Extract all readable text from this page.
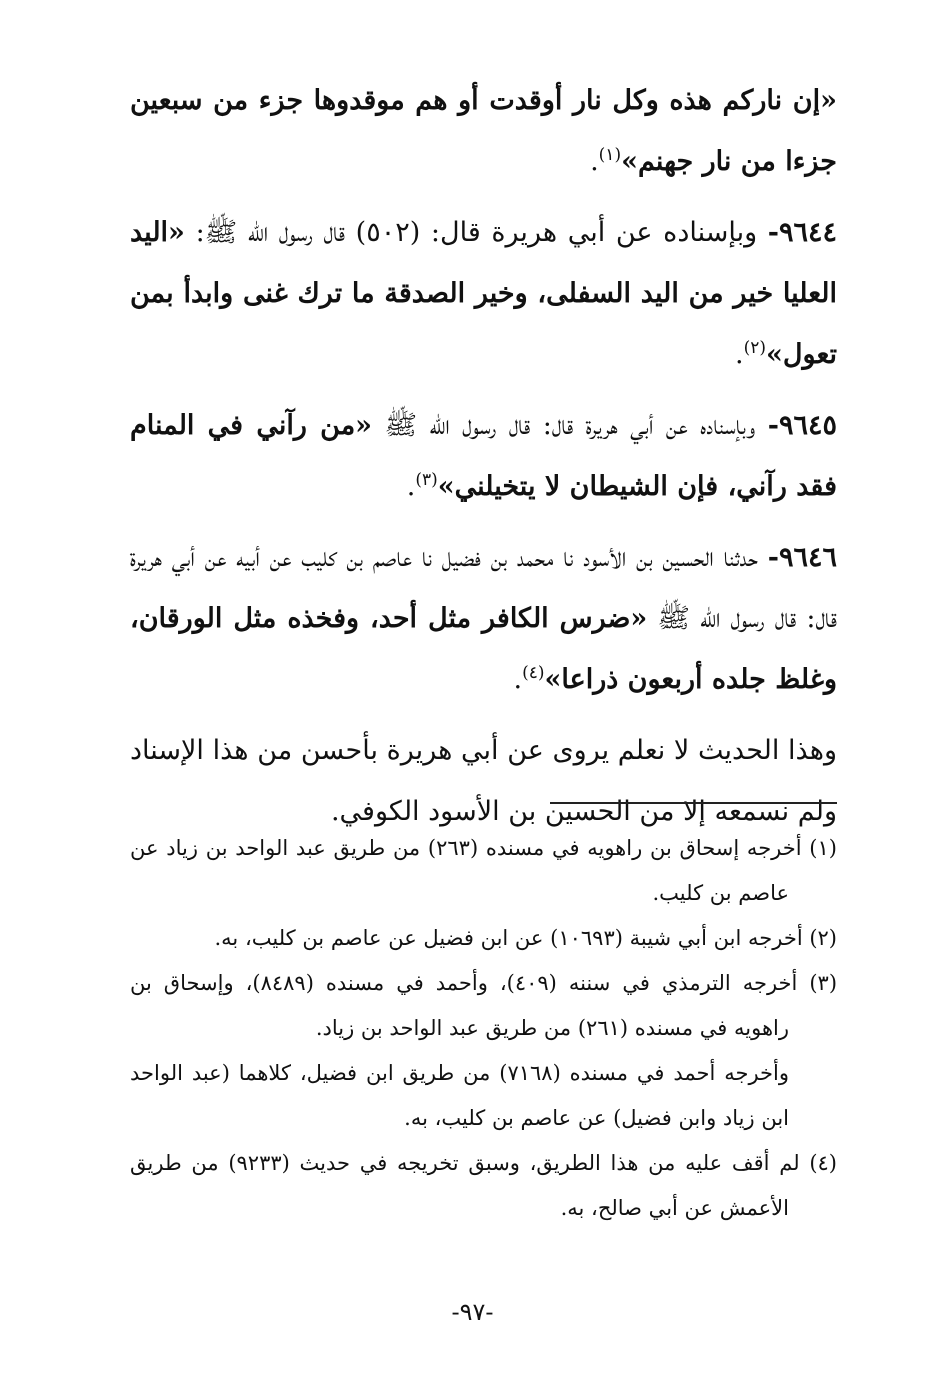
«إن ناركم هذه وكل نار أوقدت أو هم موقدوها جزء من سبعين جزءا من نار جهنم»$^{(١)}$.

٩٦٤٤- وبإسناده عن أبي هريرة قال: (٥٠٢) قال رسول الله ﷺ: «اليد العليا خير من اليد السفلى، وخير الصدقة ما ترك غنى وابدأ بمن تعول»$^{(٢)}$.

٩٦٤٥- وبإسناده عن أبي هريرة قال: قال رسول الله ﷺ «من رآني في المنام فقد رآني، فإن الشيطان لا يتخيلني»$^{(٣)}$.

٩٦٤٦- حدثنا الحسين بن الأسود نا محمد بن فضيل نا عاصم بن كليب عن أبيه عن أبي هريرة قال: قال رسول الله ﷺ «ضرس الكافر مثل أحد، وفخذه مثل الورقان، وغلظ جلده أربعون ذراعا»$^{(٤)}$.

وهذا الحديث لا نعلم يروى عن أبي هريرة بأحسن من هذا الإسناد ولم نسمعه إلا من الحسين بن الأسود الكوفي.

(١) أخرجه إسحاق بن راهويه في مسنده (٢٦٣) من طريق عبد الواحد بن زياد عن عاصم بن كليب.

(٢) أخرجه ابن أبي شيبة (١٠٦٩٣) عن ابن فضيل عن عاصم بن كليب، به.

(٣) أخرجه الترمذي في سننه (٤٠٩)، وأحمد في مسنده (٨٤٨٩)، وإسحاق بن راهويه في مسنده (٢٦١) من طريق عبد الواحد بن زياد.

وأخرجه أحمد في مسنده (٧١٦٨) من طريق ابن فضيل، كلاهما (عبد الواحد ابن زياد وابن فضيل) عن عاصم بن كليب، به.

(٤) لم أقف عليه من هذا الطريق، وسبق تخريجه في حديث (٩٢٣٣) من طريق الأعمش عن أبي صالح، به.

-٩٧-
